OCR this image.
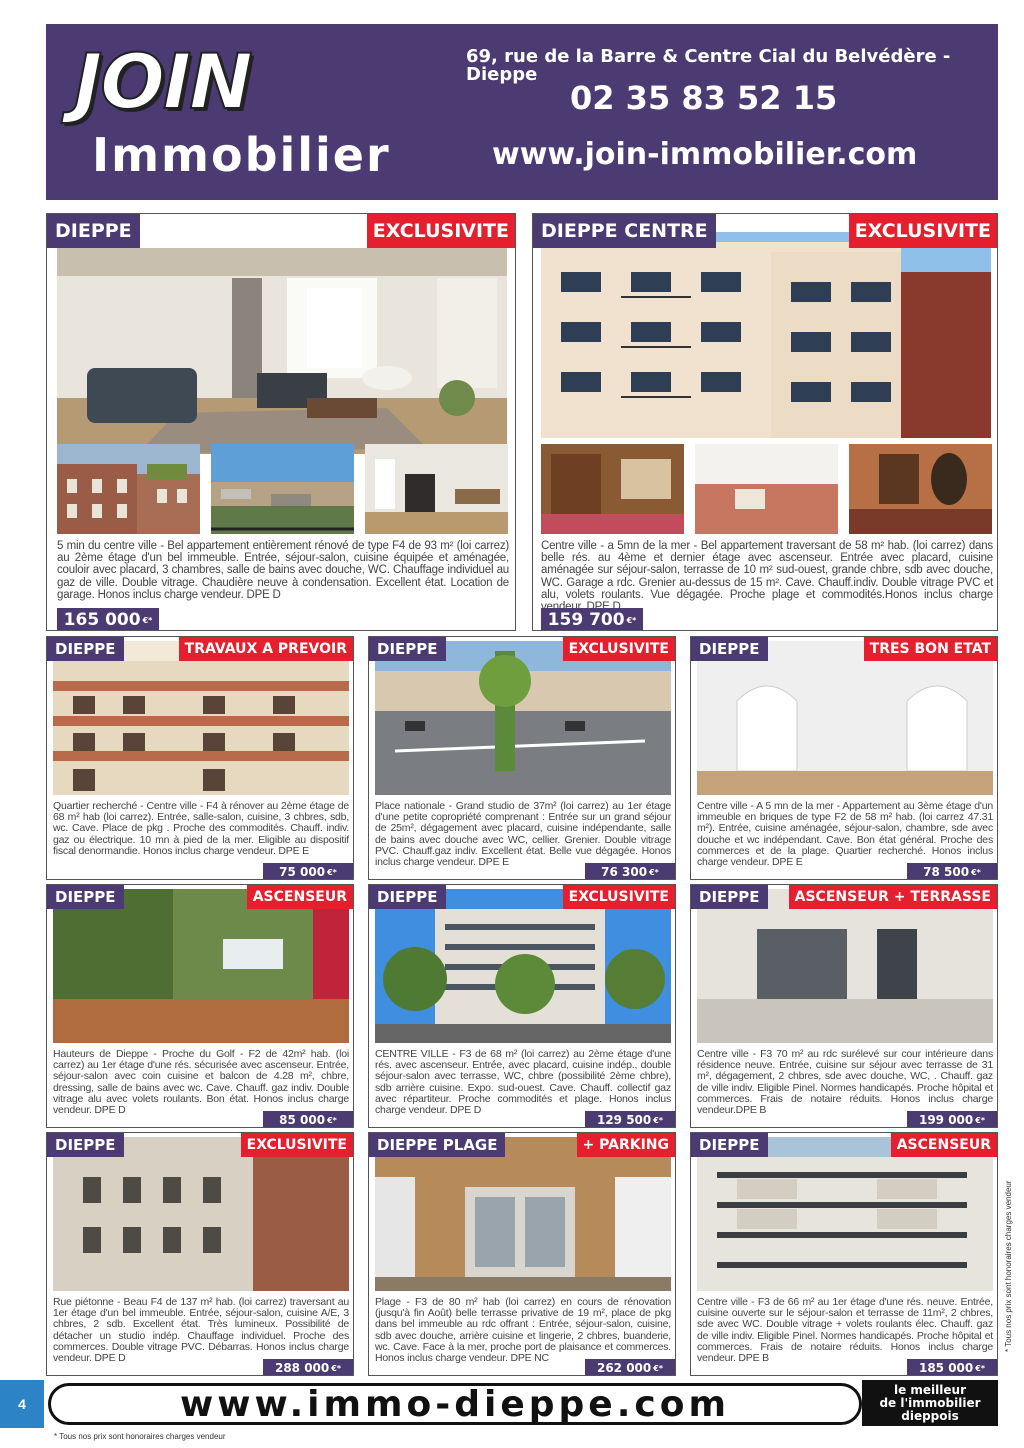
JOIN
Immobilier
69, rue de la Barre & Centre Cial du Belvédère - Dieppe
02 35 83 52 15
www.join-immobilier.com
DIEPPE	EXCLUSIVITE
5 min du centre ville - Bel appartement entièrement rénové de type F4 de 93 m² (loi carrez) au 2ème étage d'un bel immeuble. Entrée, séjour-salon, cuisine équipée et aménagée, couloir avec placard, 3 chambres, salle de bains avec douche, WC. Chauffage individuel au gaz de ville. Double vitrage. Chaudière neuve à condensation. Excellent état. Location de garage. Honos inclus charge vendeur. DPE D
165 000 €*
DIEPPE CENTRE	EXCLUSIVITE
Centre ville - a 5mn de la mer - Bel appartement traversant de 58 m² hab. (loi carrez) dans belle rés. au 4ème et dernier étage avec ascenseur. Entrée avec placard, cuisine aménagée sur séjour-salon, terrasse de 10 m² sud-ouest, grande chbre, sdb avec douche, WC. Garage a rdc. Grenier au-dessus de 15 m². Cave. Chauff.indiv. Double vitrage PVC et alu, volets roulants. Vue dégagée. Proche plage et commodités.Honos inclus charge
159 700 €*
DIEPPE	TRAVAUX A PREVOIR
Quartier recherché - Centre ville - F4 à rénover au 2ème étage de 68 m² hab (loi carrez). Entrée, salle-salon, cuisine, 3 chbres, sdb, wc. Cave. Place de pkg . Proche des commodités. Chauff. indiv. gaz ou électrique. 10 mn à pied de la mer. Eligible au dispositif fiscal denormandie. Honos inclus charge vendeur. DPE E
75 000 €*
DIEPPE	EXCLUSIVITE
Place nationale - Grand studio de 37m² (loi carrez) au 1er étage d'une petite copropriété comprenant : Entrée sur un grand séjour de 25m², dégagement avec placard, cuisine indépendante, salle de bains avec douche avec WC, cellier. Grenier. Double vitrage PVC. Chauff.gaz indiv. Excellent état. Belle vue dégagée. Honos inclus charge vendeur. DPE E
76 300 €*
DIEPPE	TRES BON ETAT
Centre ville - A 5 mn de la mer - Appartement au 3ème étage d'un immeuble en briques de type F2 de 58 m² hab. (loi carrez 47.31 m²). Entrée, cuisine aménagée, séjour-salon, chambre, sde avec douche et wc indépendant. Cave. Bon état général. Proche des commerces et de la plage. Quartier recherché. Honos inclus charge vendeur. DPE E
78 500 €*
DIEPPE	ASCENSEUR
Hauteurs de Dieppe - Proche du Golf - F2 de 42m² hab. (loi carrez) au 1er étage d'une rés. sécurisée avec ascenseur. Entrée, séjour-salon avec coin cuisine et balcon de 4.28 m², chbre, dressing, salle de bains avec wc. Cave. Chauff. gaz indiv. Double vitrage alu avec volets roulants. Bon état. Honos inclus charge vendeur. DPE D
85 000 €*
DIEPPE	EXCLUSIVITE
CENTRE VILLE - F3 de 68 m² (loi carrez) au 2ème étage d'une rés. avec ascenseur. Entrée, avec placard, cuisine indép., double séjour-salon avec terrasse, WC, chbre (possibilité 2ème chbre), sdb arrière cuisine. Expo. sud-ouest. Cave. Chauff. collectif gaz avec répartiteur. Proche commodités et plage. Honos inclus charge vendeur. DPE D
129 500 €*
DIEPPE	ASCENSEUR + TERRASSE
Centre ville - F3 70 m² au rdc surélevé sur cour intérieure dans résidence neuve. Entrée, cuisine sur séjour avec terrasse de 31 m², dégagement, 2 chbres, sde avec douche, WC, . Chauff. gaz de ville indiv. Eligible Pinel. Normes handicapés. Proche hôpital et commerces. Frais de notaire réduits. Honos inclus charge vendeur.DPE B
199 000 €*
DIEPPE	EXCLUSIVITE
Rue piétonne - Beau F4 de 137 m² hab. (loi carrez) traversant au 1er étage d'un bel immeuble. Entrée, séjour-salon, cuisine A/E, 3 chbres, 2 sdb. Excellent état. Très lumineux. Possibilité de détacher un studio indép. Chauffage individuel. Proche des commerces. Double vitrage PVC. Débarras. Honos inclus charge vendeur. DPE D
288 000 €*
DIEPPE PLAGE	+ PARKING
Plage - F3 de 80 m² hab (loi carrez) en cours de rénovation (jusqu'à fin Août) belle terrasse privative de 19 m², place de pkg dans bel immeuble au rdc offrant : Entrée, séjour-salon, cuisine, sdb avec douche, arrière cuisine et lingerie, 2 chbres, buanderie, wc. Cave. Face à la mer, proche port de plaisance et commerces. Honos inclus charge vendeur. DPE NC
262 000 €*
DIEPPE	ASCENSEUR
Centre ville - F3 de 66 m² au 1er étage d'une rés. neuve. Entrée, cuisine ouverte sur le séjour-salon et terrasse de 11m², 2 chbres, sde avec WC. Double vitrage + volets roulants élec. Chauff. gaz de ville indiv. Eligible Pinel. Normes handicapés. Proche hôpital et commerces. Frais de notaire réduits. Honos inclus charge vendeur. DPE B
185 000 €*
* Tous nos prix sont honoraires charges vendeur
4	www.immo-dieppe.com	le meilleur
de l'immobilier
dieppois
* Tous nos prix sont honoraires charges vendeur
